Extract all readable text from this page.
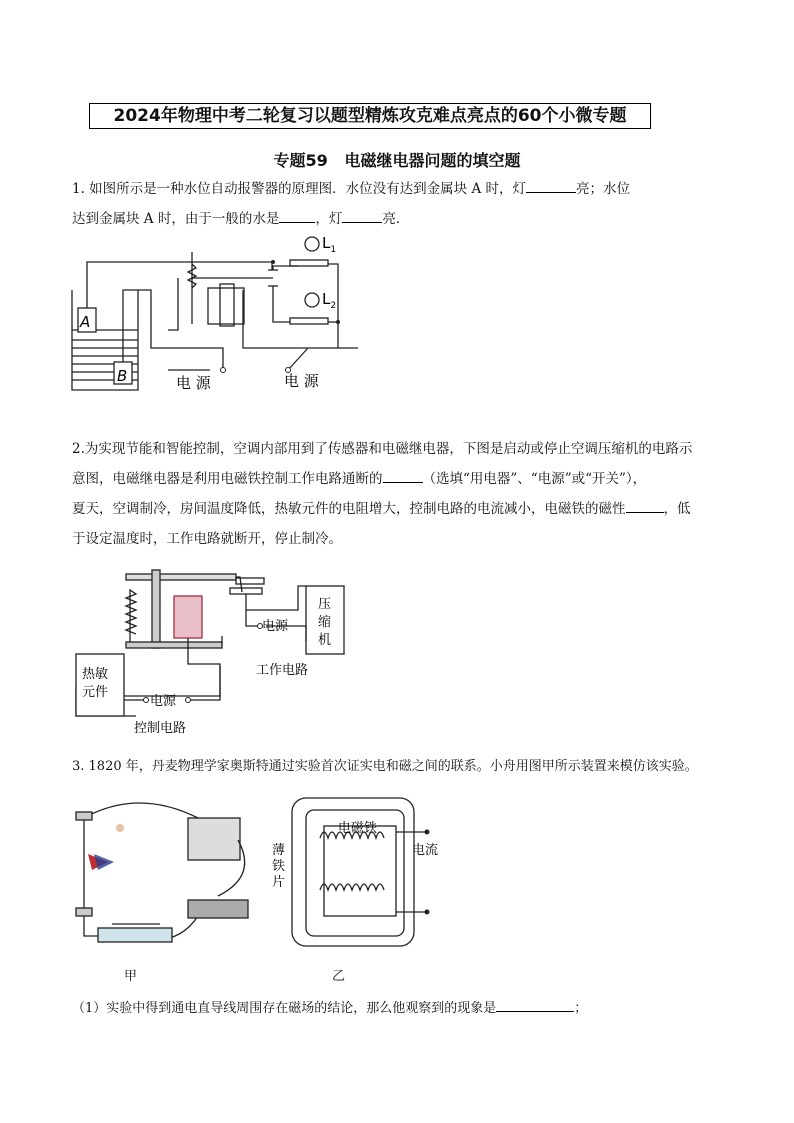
2024年物理中考二轮复习以题型精炼攻克难点亮点的60个小微专题
专题59   电磁继电器问题的填空题
1. 如图所示是一种水位自动报警器的原理图．水位没有达到金属块 A 时，灯	亮；水位
达到金属块 A 时，由于一般的水是	，灯	亮．
A
B
$L_1$
$L_2$
电 源	电 源
2.为实现节能和智能控制，空调内部用到了传感器和电磁继电器，下图是启动或停止空调压缩机的电路示
意图，电磁继电器是利用电磁铁控制工作电路通断的	（选填“用电器”、“电源”或“开关”），
夏天，空调制冷，房间温度降低，热敏元件的电阻增大，控制电路的电流减小，电磁铁的磁性	，低
于设定温度时，工作电路就断开，停止制冷。
压
缩
机
电源
工作电路
热敏
元件
电源
控制电路
3. 1820 年，丹麦物理学家奥斯特通过实验首次证实电和磁之间的联系。小舟用图甲所示装置来模仿该实验。
甲
电磁铁
电流
薄
铁
片
乙
（1）实验中得到通电直导线周围存在磁场的结论，那么他观察到的现象是	；
